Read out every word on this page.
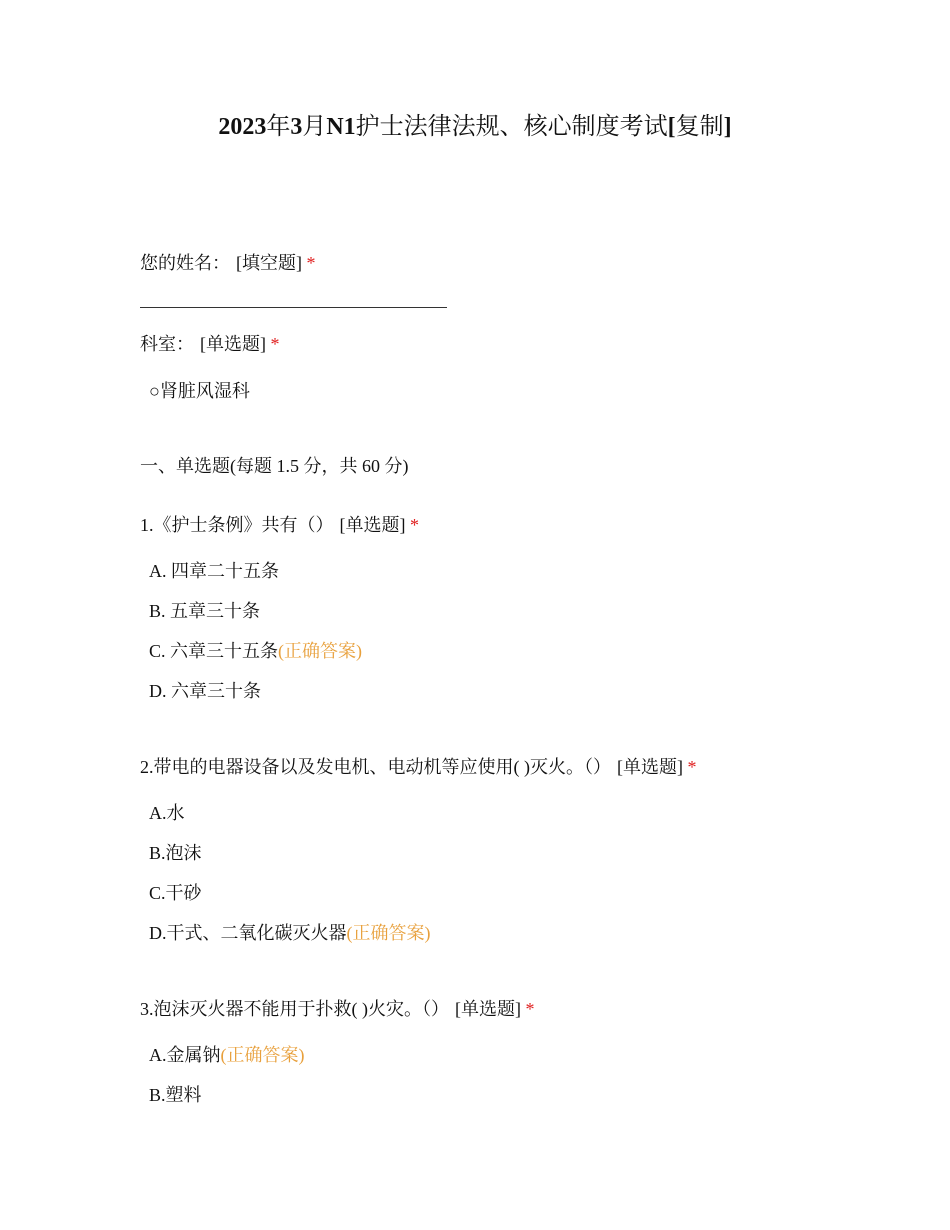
2023年3月N1护士法律法规、核心制度考试[复制]
您的姓名： [填空题] *
科室： [单选题] *
○肾脏风湿科
一、单选题(每题 1.5 分，共 60 分)
1.《护士条例》共有（） [单选题] *
A. 四章二十五条
B. 五章三十条
C. 六章三十五条(正确答案)
D. 六章三十条
2.带电的电器设备以及发电机、电动机等应使用( )灭火。（） [单选题] *
A.水
B.泡沫
C.干砂
D.干式、二氧化碳灭火器(正确答案)
3.泡沫灭火器不能用于扑救( )火灾。（） [单选题] *
A.金属钠(正确答案)
B.塑料
